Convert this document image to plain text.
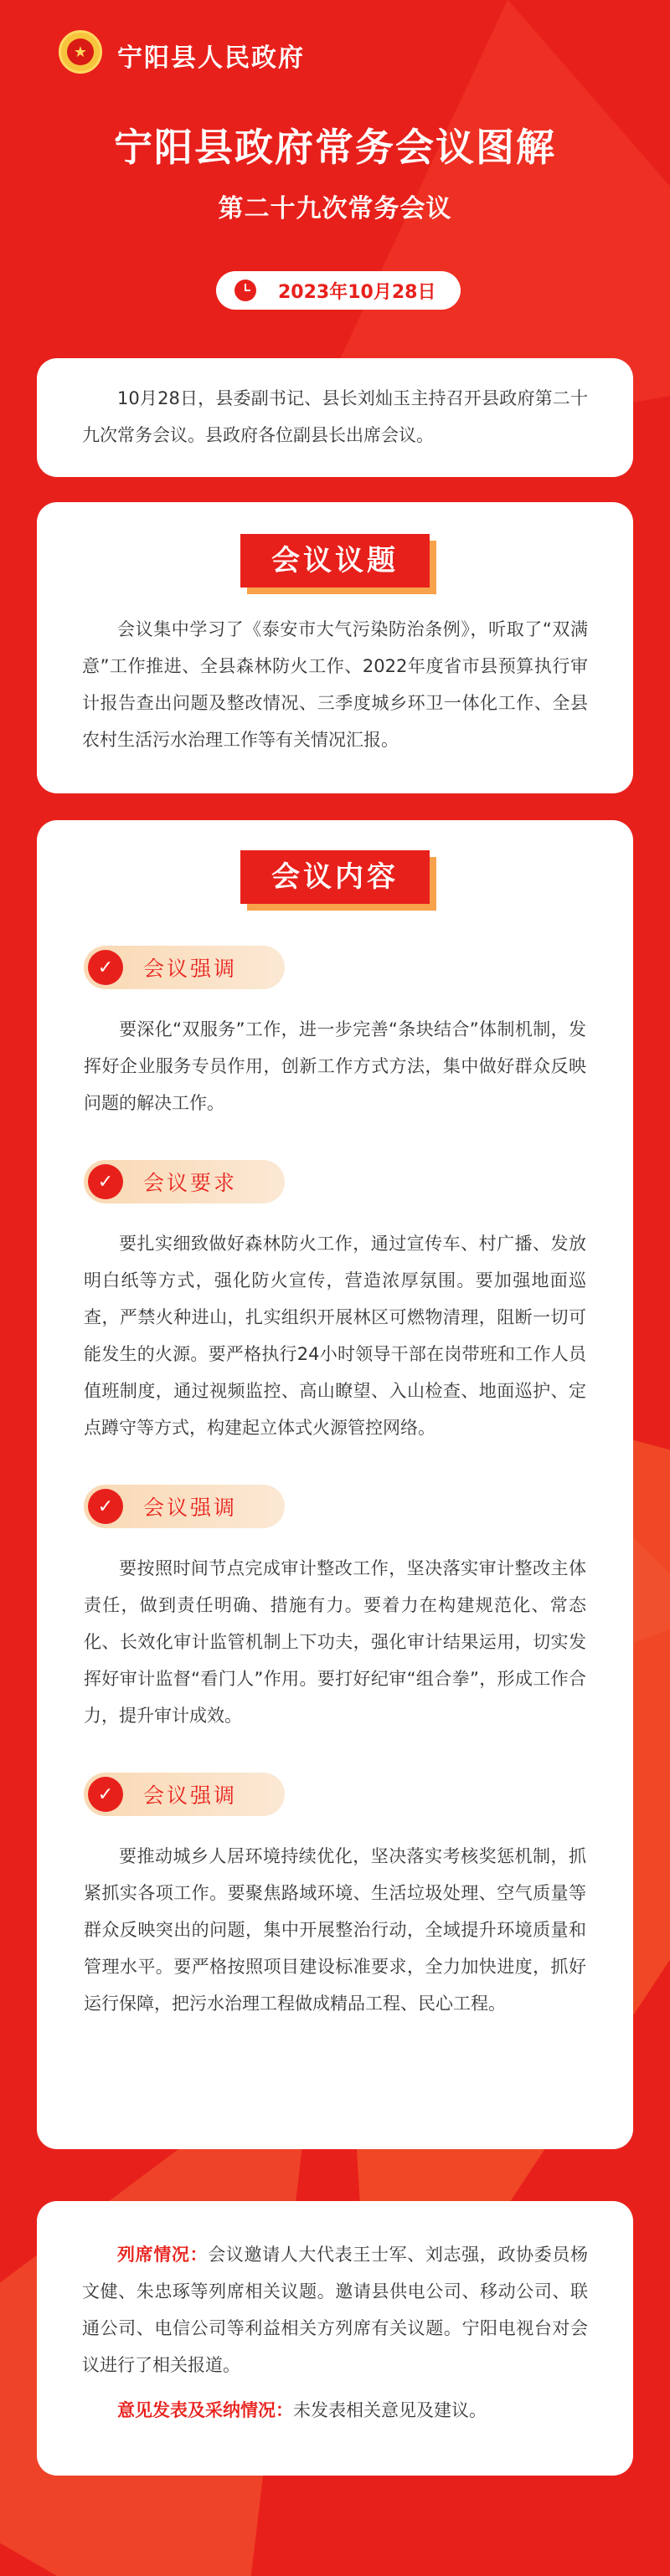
★ 宁阳县人民政府
宁阳县政府常务会议图解
第二十九次常务会议
2023年10月28日

10月28日，县委副书记、县长刘灿玉主持召开县政府第二十九次常务会议。县政府各位副县长出席会议。

会议议题

会议集中学习了《泰安市大气污染防治条例》，听取了“双满意”工作推进、全县森林防火工作、2022年度省市县预算执行审计报告查出问题及整改情况、三季度城乡环卫一体化工作、全县农村生活污水治理工作等有关情况汇报。

会议内容
✓	会议强调

要深化“双服务”工作，进一步完善“条块结合”体制机制，发挥好企业服务专员作用，创新工作方式方法，集中做好群众反映问题的解决工作。

✓	会议要求

要扎实细致做好森林防火工作，通过宣传车、村广播、发放明白纸等方式，强化防火宣传，营造浓厚氛围。要加强地面巡查，严禁火种进山，扎实组织开展林区可燃物清理，阻断一切可能发生的火源。要严格执行24小时领导干部在岗带班和工作人员值班制度，通过视频监控、高山瞭望、入山检查、地面巡护、定点蹲守等方式，构建起立体式火源管控网络。

✓	会议强调

要按照时间节点完成审计整改工作，坚决落实审计整改主体责任，做到责任明确、措施有力。要着力在构建规范化、常态化、长效化审计监管机制上下功夫，强化审计结果运用，切实发挥好审计监督“看门人”作用。要打好纪审“组合拳”，形成工作合力，提升审计成效。

✓	会议强调

要推动城乡人居环境持续优化，坚决落实考核奖惩机制，抓紧抓实各项工作。要聚焦路域环境、生活垃圾处理、空气质量等群众反映突出的问题，集中开展整治行动，全域提升环境质量和管理水平。要严格按照项目建设标准要求，全力加快进度，抓好运行保障，把污水治理工程做成精品工程、民心工程。

列席情况：会议邀请人大代表王士军、刘志强，政协委员杨文健、朱忠琢等列席相关议题。邀请县供电公司、移动公司、联通公司、电信公司等利益相关方列席有关议题。宁阳电视台对会议进行了相关报道。

意见发表及采纳情况：未发表相关意见及建议。
